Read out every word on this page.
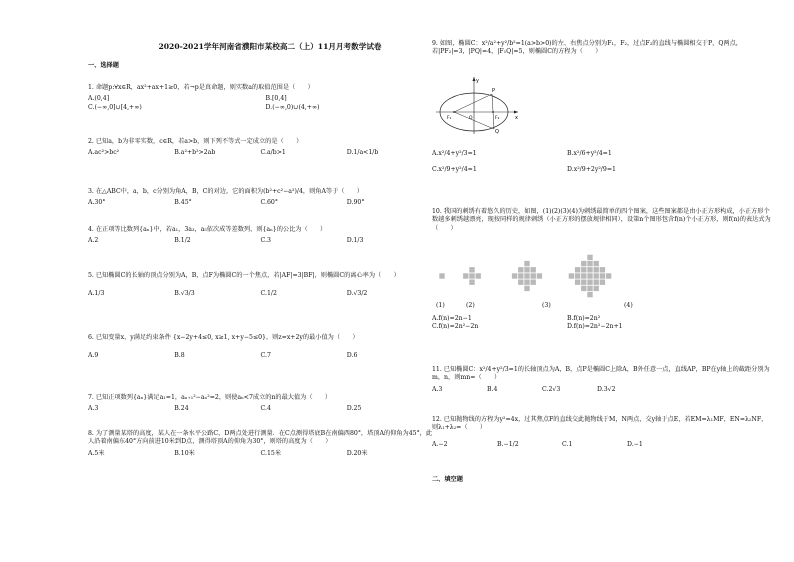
2020-2021学年河南省濮阳市某校高二（上）11月月考数学试卷
一、选择题
1. 命题p:∀x∈R，ax²+ax+1≥0，若¬p是真命题，则实数a的取值范围是（　　）
A.(0,4]	B.[0,4]
C.(−∞,0]∪[4,+∞)	D.(−∞,0)∪(4,+∞)
2. 已知a，b为非零实数，c∈R，若a>b，则下列不等式一定成立的是（　　）
A.ac²>bc²	B.a²+b²>2ab	C.a/b>1	D.1/a<1/b
3. 在△ABC中，a，b，c分别为角A，B，C的对边，它的面积为(b²+c²−a²)/4，则角A等于（　　）
A.30°	B.45°	C.60°	D.90°
4. 在正项等比数列{aₙ}中，若a₁，3a₃，a₅依次成等差数列，则{aₙ}的公比为（　　）
A.2	B.1/2	C.3	D.1/3
5. 已知椭圆C的长轴的顶点分别为A，B，点F为椭圆C的一个焦点，若|AF|=3|BF|，则椭圆C的离心率为（　　）
A.1/3	B.√3/3	C.1/2	D.√3/2
6. 已知变量x，y满足约束条件 {x−2y+4≤0, x≥1, x+y−5≤0}，则z=x+2y的最小值为（　　）
A.9	B.8	C.7	D.6
7. 已知正项数列{aₙ}满足a₁=1，aₙ₊₁²−aₙ²=2，则使aₙ<7成立的n的最大值为（　　）
A.3	B.24	C.4	D.25
8. 为了测量某塔的高度，某人在一条水平公路C，D两点处进行测量．在C点测得塔底B在南偏西80°，塔顶A的仰角为45°，此人沿着南偏东40°方向前进10米到D点，测得塔顶A的仰角为30°，则塔的高度为（　　）
A.5米	B.10米	C.15米	D.20米
9. 如图，椭圆C：x²/a²+y²/b²=1(a>b>0)的左、右焦点分别为F₁，F₂，过点F₂的直线与椭圆相交于P，Q两点，若|PF₂|=3，|PQ|=4，|F₁Q|=5，则椭圆C的方程为（　　）
y
x
P
Q
F₁	F₂
O
A.x²/4+y²/3=1	B.x²/6+y²/4=1
C.x²/9+y²/4=1	D.x²/9+2y²/9=1
10. 我国的刺绣有着悠久的历史，如图，(1)(2)(3)(4)为刺绣最简单的四个图案，这些图案都是由小正方形构成，小正方形个数越多刺绣越漂亮，现按同样的规律刺绣（小正方形的摆放规律相同），设第n个图形包含f(n)个小正方形，则f(n)的表达式为（　　）
(1)	(2)	(3)	(4)
A.f(n)=2n−1	B.f(n)=2n²
C.f(n)=2n²−2n	D.f(n)=2n²−2n+1
11. 已知椭圆C：x²/4+y²/3=1的长轴顶点为A，B，点P是椭圆C上除A，B外任意一点，直线AP，BP在y轴上的截距分别为m，n，则mn=（　　）
A.3	B.4	C.2√3	D.3√2
12. 已知抛物线的方程为y²=4x，过其焦点F的直线交此抛物线于M，N两点，交y轴于点E，若EM=λ₁MF，EN=λ₂NF，则λ₁+λ₂=（　　）
A.−2	B.−1/2	C.1	D.−1
二、填空题
